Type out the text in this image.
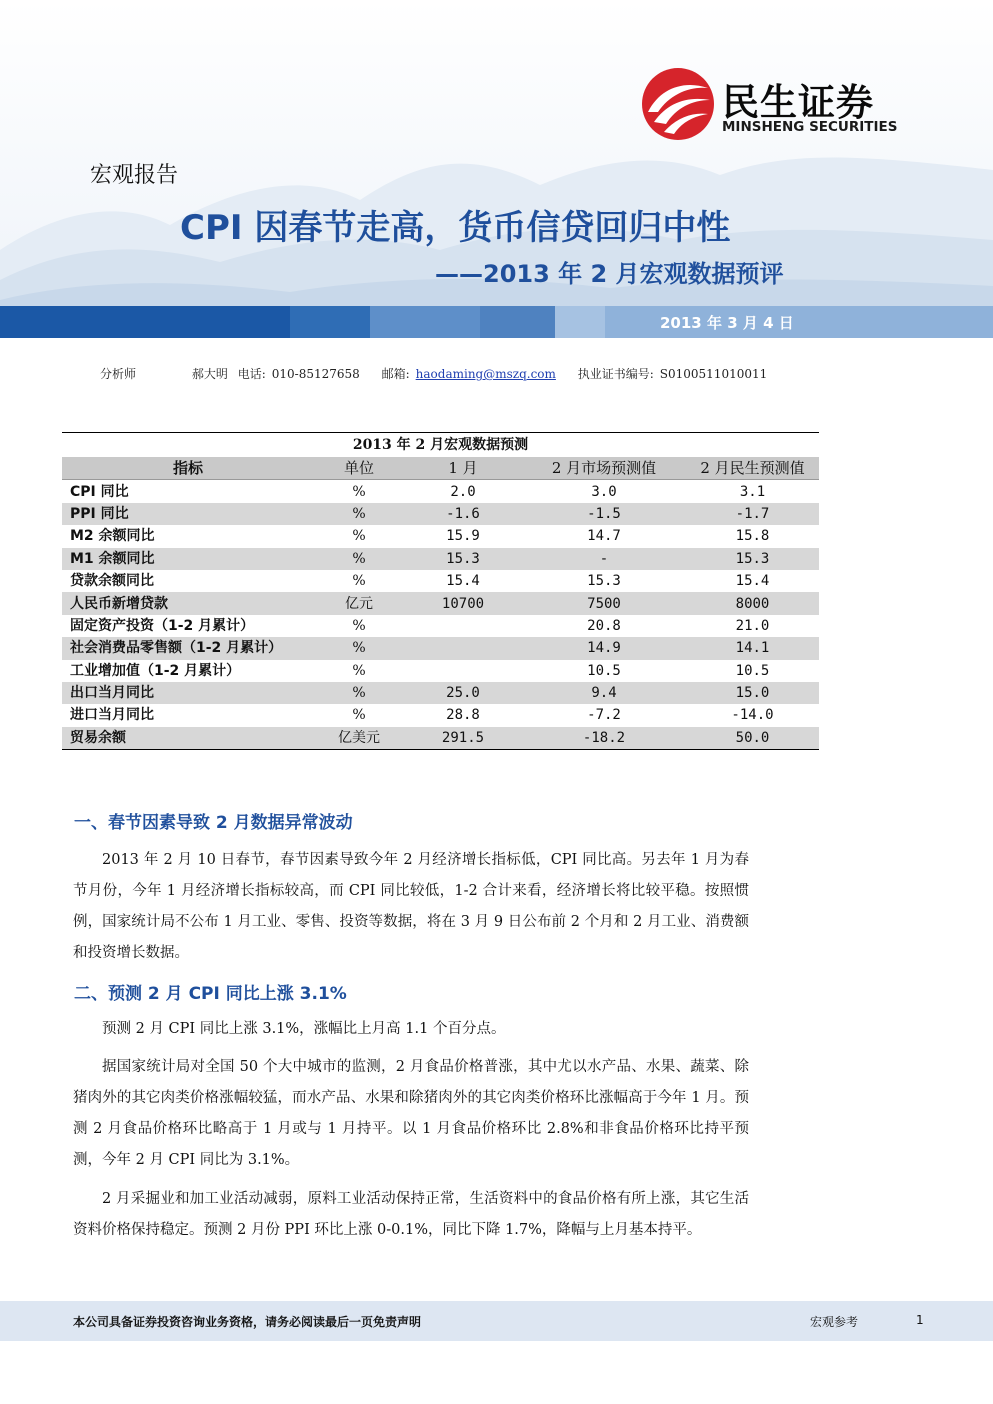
民生证券
MINSHENG SECURITIES
宏观报告
CPI 因春节走高，货币信贷回归中性
——2013 年 2 月宏观数据预评
2013 年 3 月 4 日
分析师	郝大明 电话: 010-85127658 邮箱: haodaming@mszq.com 执业证书编号: S0100511010011
2013 年 2 月宏观数据预测				
指标	单位	1 月	2 月市场预测值	2 月民生预测值
CPI 同比	%	2.0	3.0	3.1
PPI 同比	%	-1.6	-1.5	-1.7
M2 余额同比	%	15.9	14.7	15.8
M1 余额同比	%	15.3	-	15.3
贷款余额同比	%	15.4	15.3	15.4
人民币新增贷款	亿元	10700	7500	8000
固定资产投资（1-2 月累计）	%		20.8	21.0
社会消费品零售额（1-2 月累计）	%		14.9	14.1
工业增加值（1-2 月累计）	%		10.5	10.5
出口当月同比	%	25.0	9.4	15.0
进口当月同比	%	28.8	-7.2	-14.0
贸易余额	亿美元	291.5	-18.2	50.0
一、春节因素导致 2 月数据异常波动
2013 年 2 月 10 日春节，春节因素导致今年 2 月经济增长指标低，CPI 同比高。另去年 1 月为春节月份，今年 1 月经济增长指标较高，而 CPI 同比较低，1-2 合计来看，经济增长将比较平稳。按照惯例，国家统计局不公布 1 月工业、零售、投资等数据，将在 3 月 9 日公布前 2 个月和 2 月工业、消费额和投资增长数据。
二、预测 2 月 CPI 同比上涨 3.1%
预测 2 月 CPI 同比上涨 3.1%，涨幅比上月高 1.1 个百分点。
据国家统计局对全国 50 个大中城市的监测，2 月食品价格普涨，其中尤以水产品、水果、蔬菜、除猪肉外的其它肉类价格涨幅较猛，而水产品、水果和除猪肉外的其它肉类价格环比涨幅高于今年 1 月。预测 2 月食品价格环比略高于 1 月或与 1 月持平。以 1 月食品价格环比 2.8%和非食品价格环比持平预测，今年 2 月 CPI 同比为 3.1%。
2 月采掘业和加工业活动减弱，原料工业活动保持正常，生活资料中的食品价格有所上涨，其它生活资料价格保持稳定。预测 2 月份 PPI 环比上涨 0-0.1%，同比下降 1.7%，降幅与上月基本持平。
本公司具备证券投资咨询业务资格，请务必阅读最后一页免责声明	宏观参考	1
